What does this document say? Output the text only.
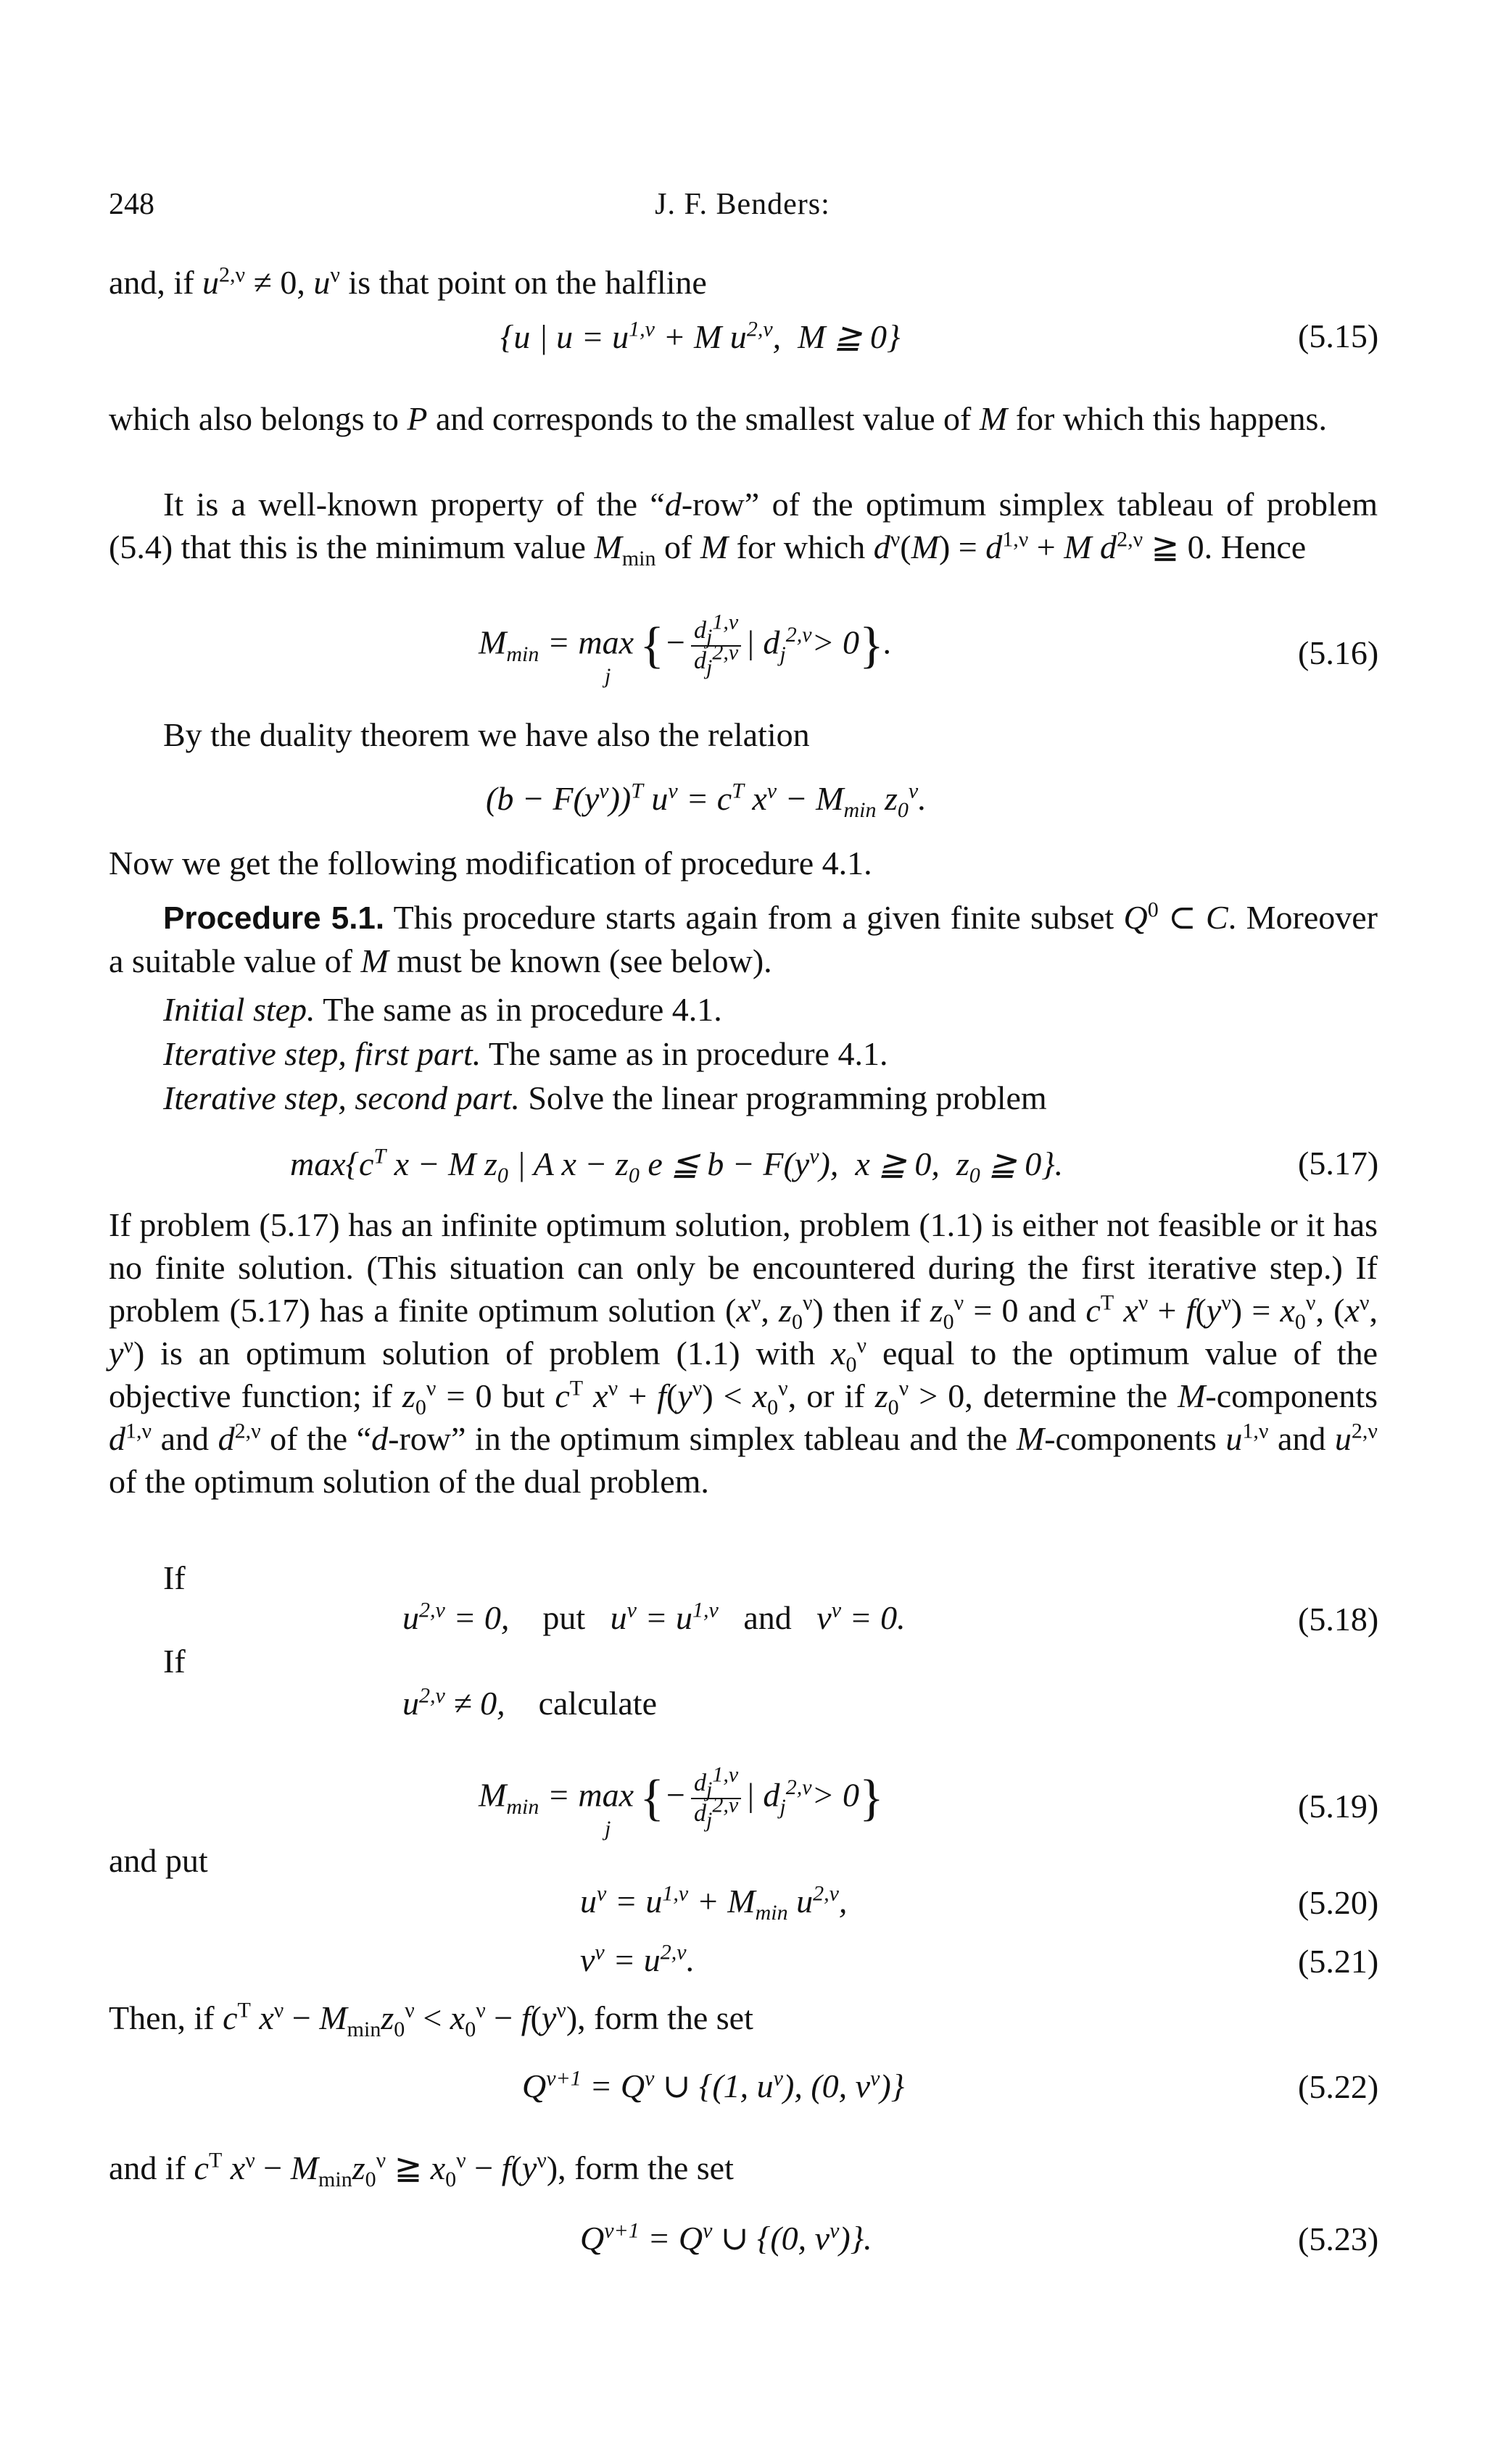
248	J. F. Benders:
and, if $u^{2,\nu} \ne 0$, $u^\nu$ is that point on the halfline
{u | $u = u^{1,\nu} + M$ $u^{2,\nu}$,  M ≧ 0}	(5.15)
which also belongs to P and corresponds to the smallest value of M for which this happens.
It is a well-known property of the “d-row” of the optimum simplex tableau of problem (5.4) that this is the minimum value $M_{min}$ of M for which $d^\nu(M) = d^{1,\nu} + M$ $d^{2,\nu}$ ≧ 0. Hence
$M_{min} = \max_j\{- \frac{d_j^{1,\nu}}{d_j^{2,\nu}}$ | $d_j^{2,\nu}> 0$}.	(5.16)
By the duality theorem we have also the relation
$(b - F(y^\nu))^T$ $u^\nu = c^T$ $x^\nu - M_{min}$ $z_0^\nu$.
Now we get the following modification of procedure 4.1.
Procedure 5.1. This procedure starts again from a given finite subset $Q^0$ ⊂ C. Moreover a suitable value of M must be known (see below).
Initial step. The same as in procedure 4.1.
Iterative step, first part. The same as in procedure 4.1.
Iterative step, second part. Solve the linear programming problem
$\max\{c^T$ x − M $z_0$ | A $x - z_0$ e ≦ $b - F(y^\nu)$,  x ≧ 0,  $z_0$ ≧ 0}.	(5.17)
If problem (5.17) has an infinite optimum solution, problem (1.1) is either not feasible or it has no finite solution. (This situation can only be encountered during the first iterative step.) If problem (5.17) has a finite optimum solution ($x^\nu$, $z_0^\nu$) then if $z_0^\nu = 0$ and $c^T$ $x^\nu + f(y^\nu) = x_0^\nu$, ($x^\nu$, $y^\nu$) is an optimum solution of problem (1.1) with $x_0^\nu$ equal to the optimum value of the objective function; if $z_0^\nu = 0$ but $c^T$ $x^\nu + f(y^\nu) < x_0^\nu$, or if $z_0^\nu > 0$, determine the M-components $d^{1,\nu}$ and $d^{2,\nu}$ of the “d-row” in the optimum simplex tableau and the M-components $u^{1,\nu}$ and $u^{2,\nu}$ of the optimum solution of the dual problem.
If
$u^{2,\nu} = 0$,    put $u^\nu = u^{1,\nu}$ and $v^\nu = 0$.	(5.18)
If
$u^{2,\nu} \ne 0$,    calculate
$M_{min} = \max_j\{- \frac{d_j^{1,\nu}}{d_j^{2,\nu}}$ | $d_j^{2,\nu}> 0$}	(5.19)
and put
$u^\nu = u^{1,\nu} + M_{min}$ $u^{2,\nu}$,	(5.20)
$v^\nu = u^{2,\nu}$.	(5.21)
Then, if $c^T$ $x^\nu - M_{min}z_0^\nu < x_0^\nu - f(y^\nu)$, form the set
$Q^{\nu+1} = Q^\nu$ ∪ {(1, $u^\nu$), (0, $v^\nu$)}	(5.22)
and if $c^T$ $x^\nu - M_{min}z_0^\nu$ ≧ $x_0^\nu - f(y^\nu)$, form the set
$Q^{\nu+1} = Q^\nu$ ∪ {(0, $v^\nu$)}.	(5.23)
